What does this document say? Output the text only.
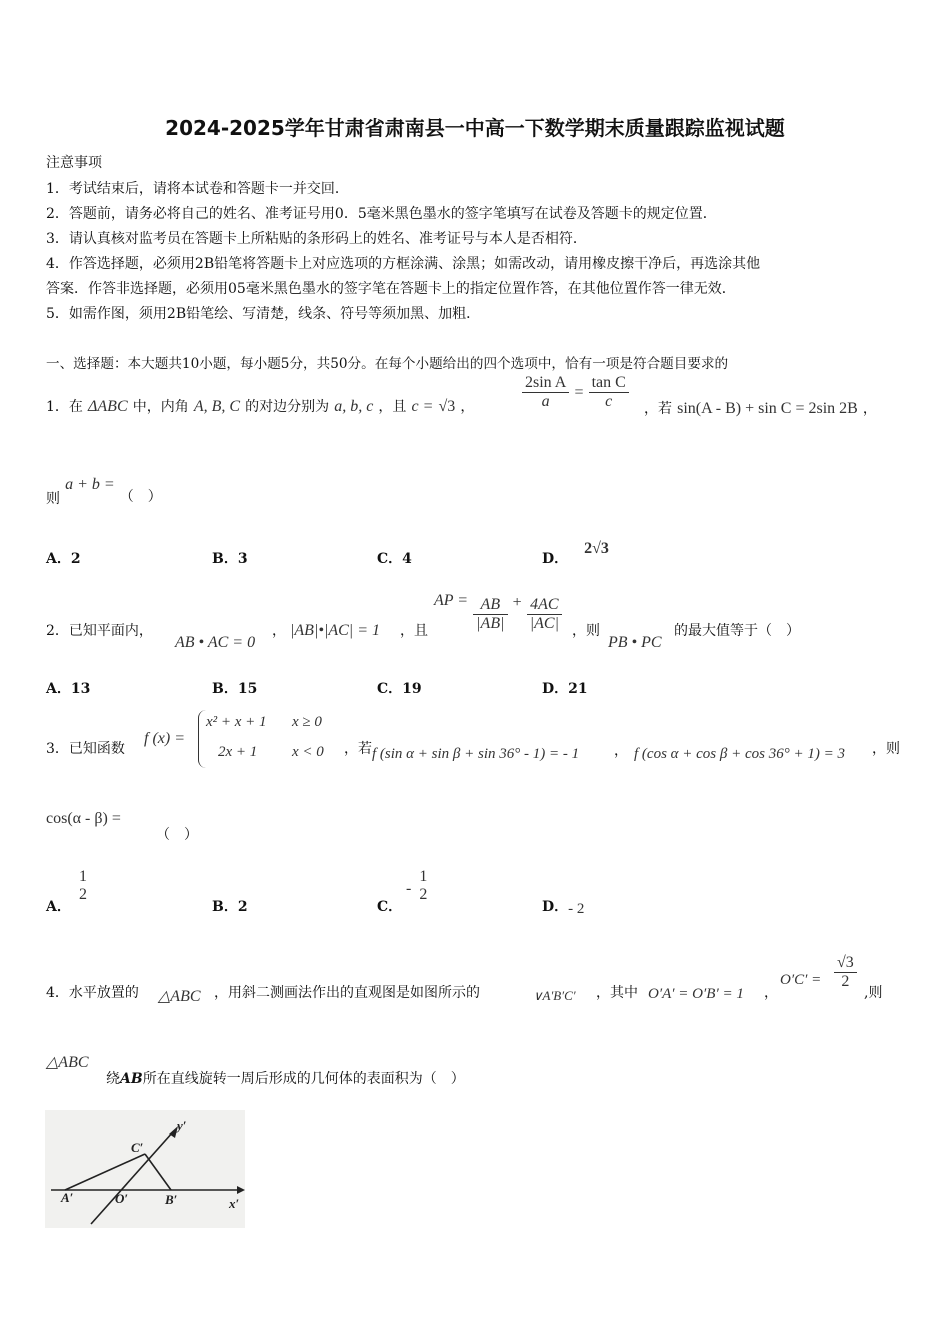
2024-2025学年甘肃省肃南县一中高一下数学期末质量跟踪监视试题
注意事项
1．考试结束后，请将本试卷和答题卡一并交回．
2．答题前，请务必将自己的姓名、准考证号用0．5毫米黑色墨水的签字笔填写在试卷及答题卡的规定位置．
3．请认真核对监考员在答题卡上所粘贴的条形码上的姓名、准考证号与本人是否相符．
4．作答选择题，必须用2B铅笔将答题卡上对应选项的方框涂满、涂黑；如需改动，请用橡皮擦干净后，再选涂其他
答案．作答非选择题，必须用05毫米黑色墨水的签字笔在答题卡上的指定位置作答，在其他位置作答一律无效．
5．如需作图，须用2B铅笔绘、写清楚，线条、符号等须加黑、加粗．
一、选择题：本大题共10小题，每小题5分，共50分。在每个小题给出的四个选项中，恰有一项是符合题目要求的
1．在 ΔABC 中，内角 A, B, C 的对边分别为 a, b, c ，且 c = √3 ，	$\frac{\text{2sin A}}{a} = \frac{\text{tan C}}{c}$ ，若 sin(A - B) + sin C = 2sin 2B ，
则 a + b = （　）
A．2	B．3	C．4	D．2√3
2．已知平面内，
AB • AC = 0
， |AB|•|AC| = 1 ，且
AP = $\frac{AB}{|AB|} + \frac{4AC}{|AC|}$ ，则
PB • PC
的最大值等于（　）
A．13	B．15	C．19	D．21
3．已知函数
f (x) =
x² + x + 1 x ≥ 0
2x + 1 x < 0 ，若 f (sin α + sin β + sin 36° - 1) = - 1 ， f (cos α + cos β + cos 36° + 1) = 3 ，则
cos(α - β) =
（　）
A．
1
2
B．2	C．
-
1
2
D．- 2
4．水平放置的 △ABC ，用斜二测画法作出的直观图是如图所示的	∨A′B′C′ ，其中 O′A′ = O′B′ = 1 ，
$O'C' = \frac{√3}{2}$
,则
△ABC
绕AB所在直线旋转一周后形成的几何体的表面积为（　）
A′	O′	B′
C′
x′
y′
